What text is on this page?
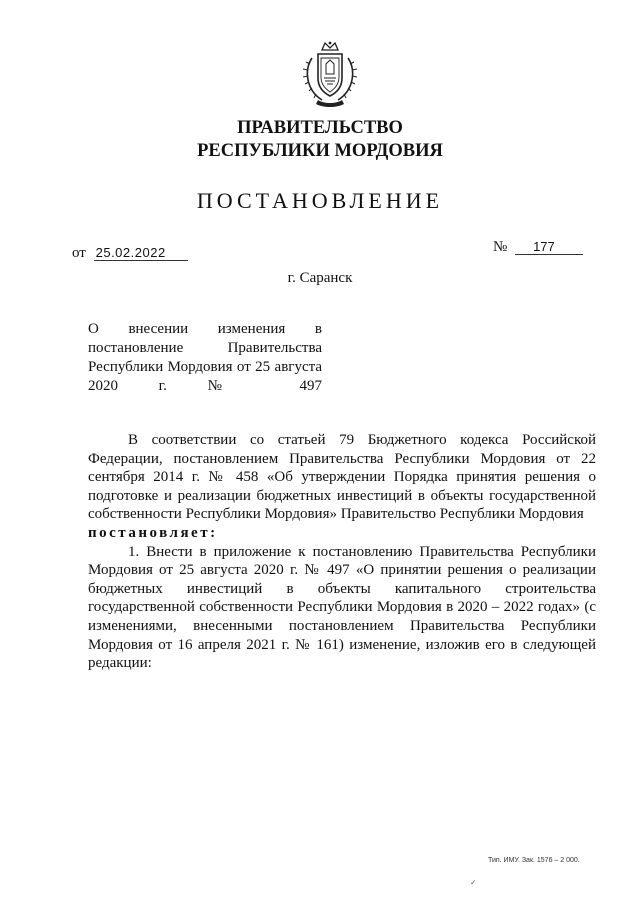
ПРАВИТЕЛЬСТВО
РЕСПУБЛИКИ МОРДОВИЯ
ПОСТАНОВЛЕНИЕ
от 25.02.2022	№ 177
г. Саранск
О внесении изменения в постановление Правительства Республики Мордовия от 25 августа 2020 г. № 497

В соответствии со статьей 79 Бюджетного кодекса Российской Федерации, постановлением Правительства Республики Мордовия от 22 сентября 2014 г. № 458 «Об утверждении Порядка принятия решения о подготовке и реализации бюджетных инвестиций в объекты государственной собственности Республики Мордовия» Правительство Республики Мордовия

постановляет:

1. Внести в приложение к постановлению Правительства Республики Мордовия от 25 августа 2020 г. № 497 «О принятии решения о реализации бюджетных инвестиций в объекты капитального строительства государственной собственности Республики Мордовия в 2020 – 2022 годах» (с изменениями, внесенными постановлением Правительства Республики Мордовия от 16 апреля 2021 г. № 161) изменение, изложив его в следующей редакции:

Тип. ИМУ. Зак. 1576 – 2 000.
✓
